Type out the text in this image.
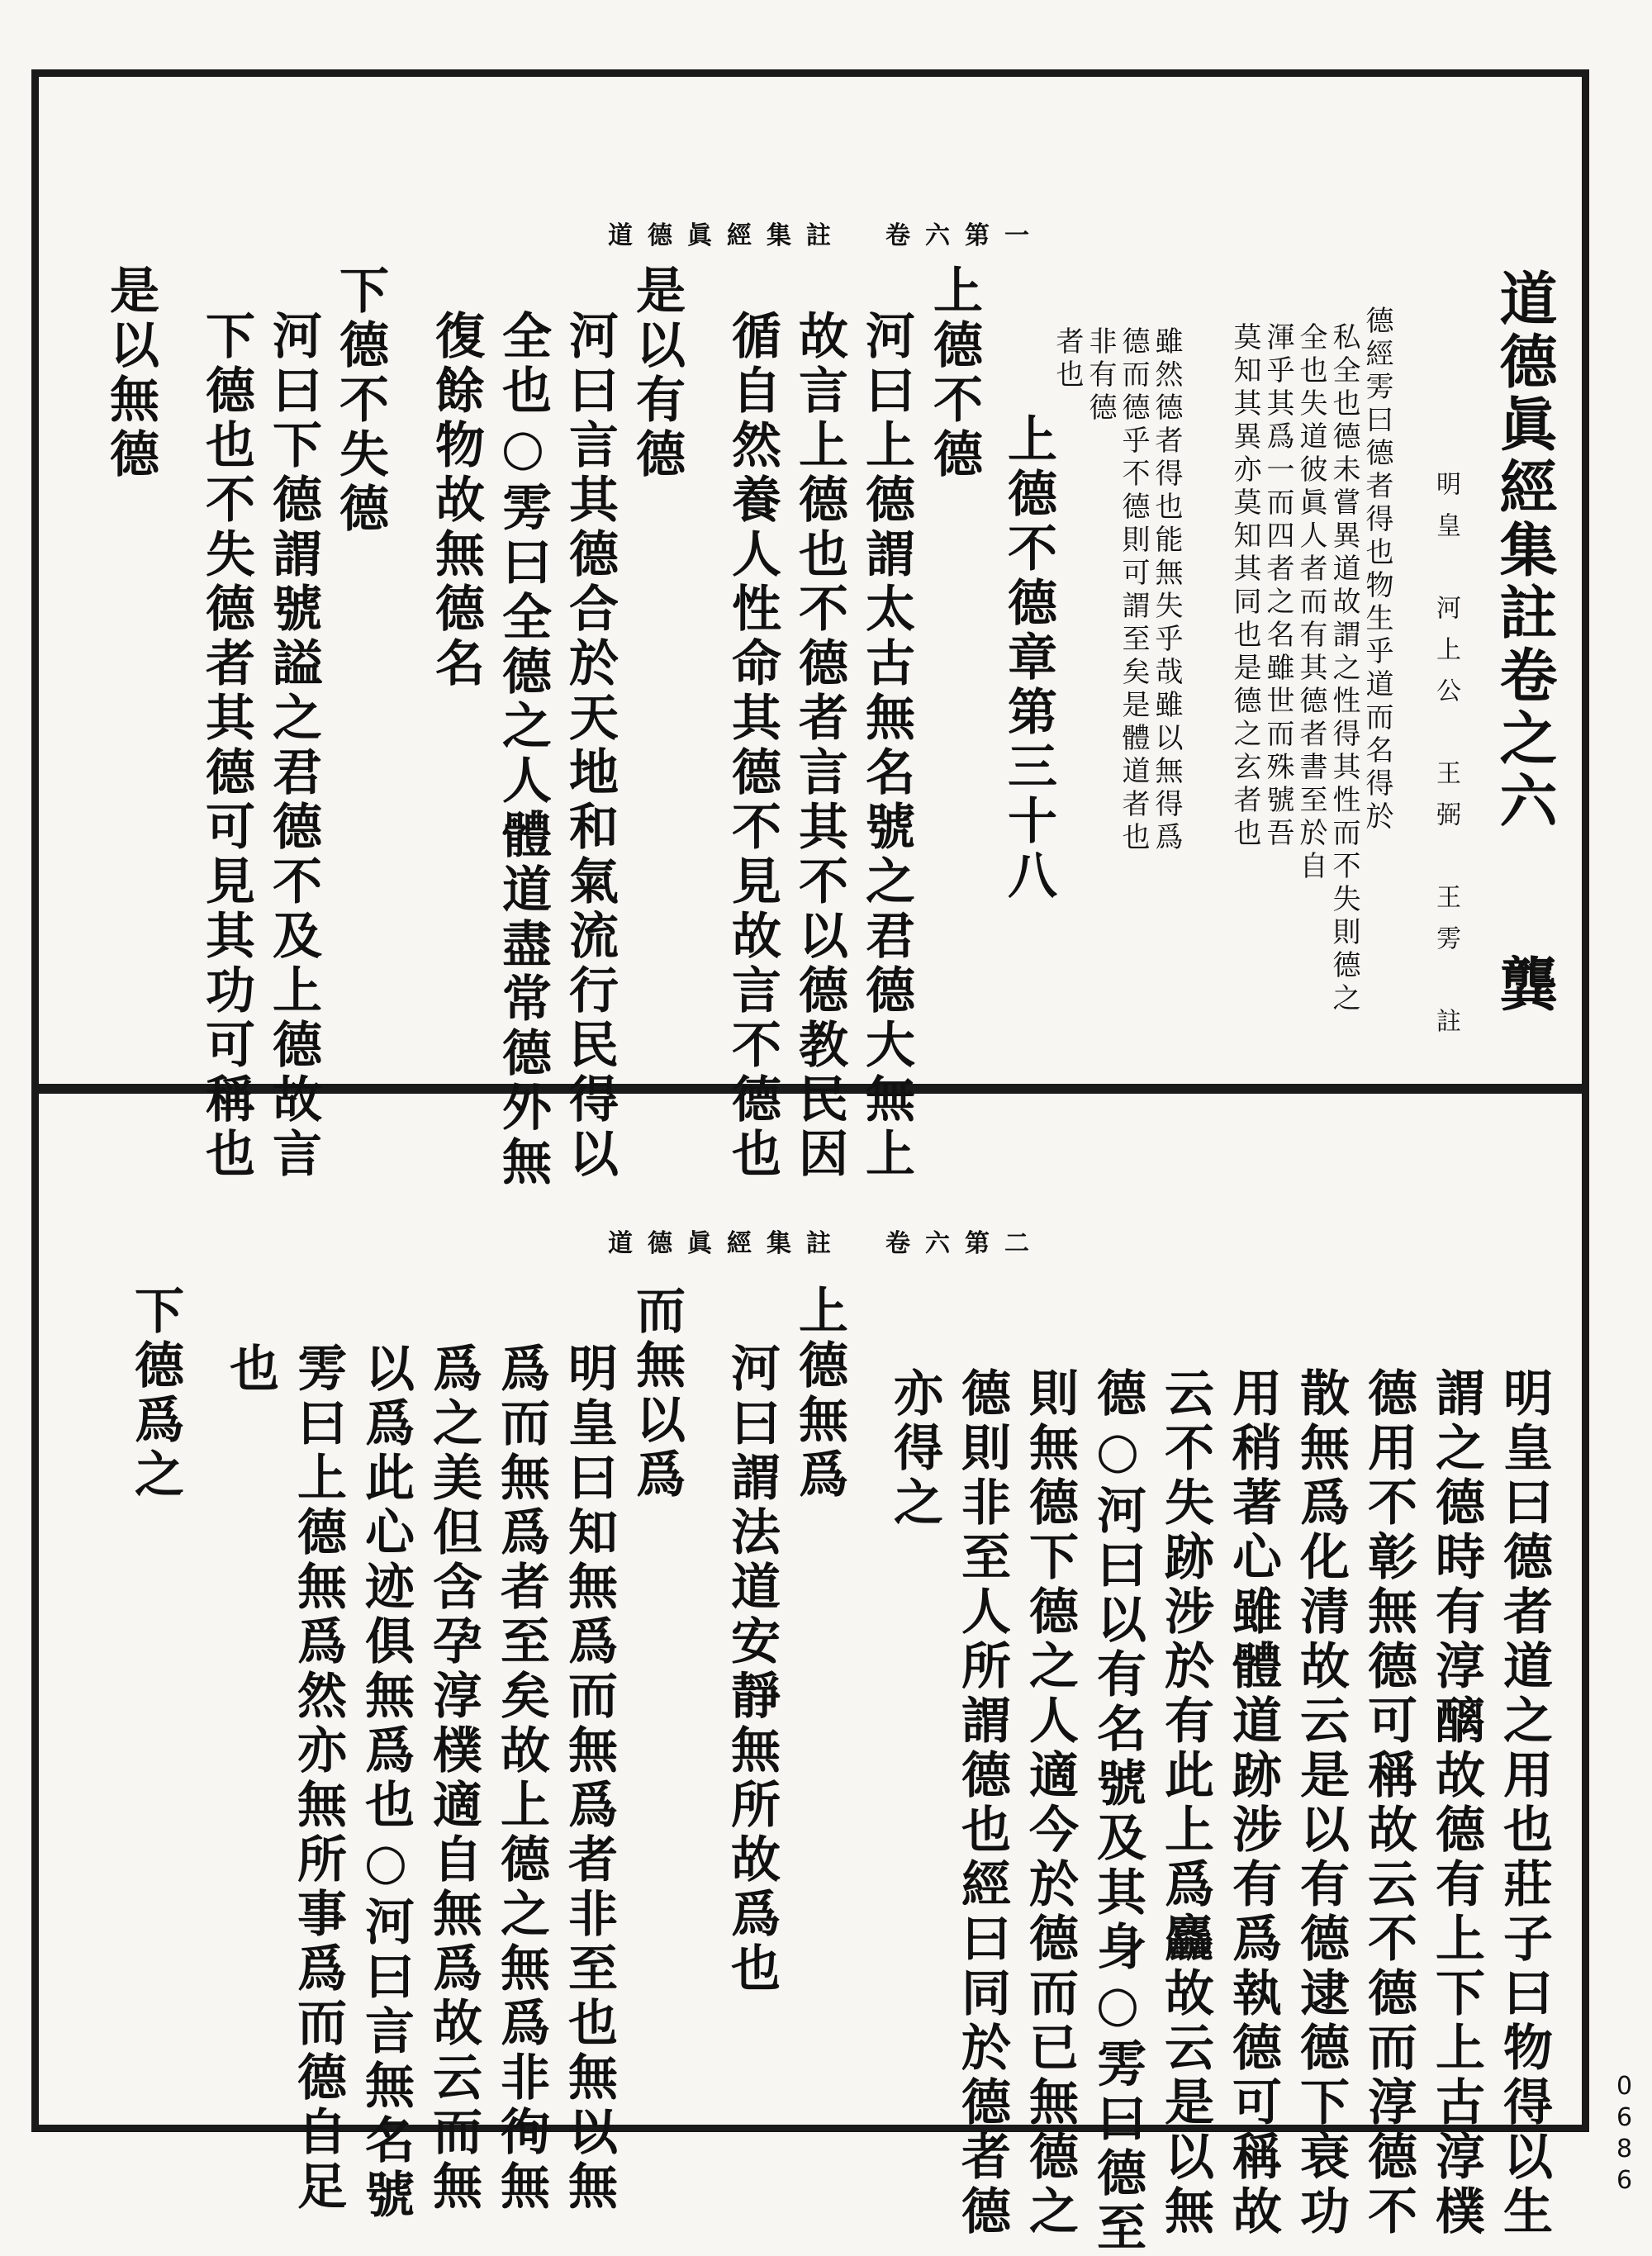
道德眞經集註　卷六第一
道德眞經集註　卷六第二
道德眞經集註卷之六
明皇　河上公　王弼　王雱　註 龔
德經雱曰德者得也物生乎道而名得於
私全也德未嘗異道故謂之性得其性而不失則德之
全也失道彼眞人者而有其德者書至於自
渾乎其爲一而四者之名雖世而殊號吾
莫知其異亦莫知其同也是德之玄者也
雖然德者得也能無失乎哉雖以無得爲
德而德乎不德則可謂至矣是體道者也
非有德
者也
上德不德章第三十八
上德不德
河曰上德謂太古無名號之君德大無上
故言上德也不德者言其不以德教民因
循自然養人性命其德不見故言不德也
是以有德
河曰言其德合於天地和氣流行民得以
全也○雱曰全德之人體道盡常德外無
復餘物故無德名
下德不失德
河曰下德謂號謚之君德不及上德故言
下德也不失德者其德可見其功可稱也
是以無德
明皇曰德者道之用也莊子曰物得以生
謂之德時有淳醨故德有上下上古淳樸
德用不彰無德可稱故云不德而淳德不
散無爲化清故云是以有德逮德下衰功
用稍著心雖體道跡涉有爲執德可稱故
云不失跡涉於有此上爲麤故云是以無
德○河曰以有名號及其身○雱曰德至
則無德下德之人適今於德而已無德之
德則非至人所謂德也經曰同於德者德
亦得之
上德無爲
河曰謂法道安靜無所故爲也
而無以爲
明皇曰知無爲而無爲者非至也無以無
爲而無爲者至矣故上德之無爲非徇無
爲之美但含孕淳樸適自無爲故云而無
以爲此心迹俱無爲也○河曰言無名號
雱曰上德無爲然亦無所事爲而德自足
也
下德爲之
0686
